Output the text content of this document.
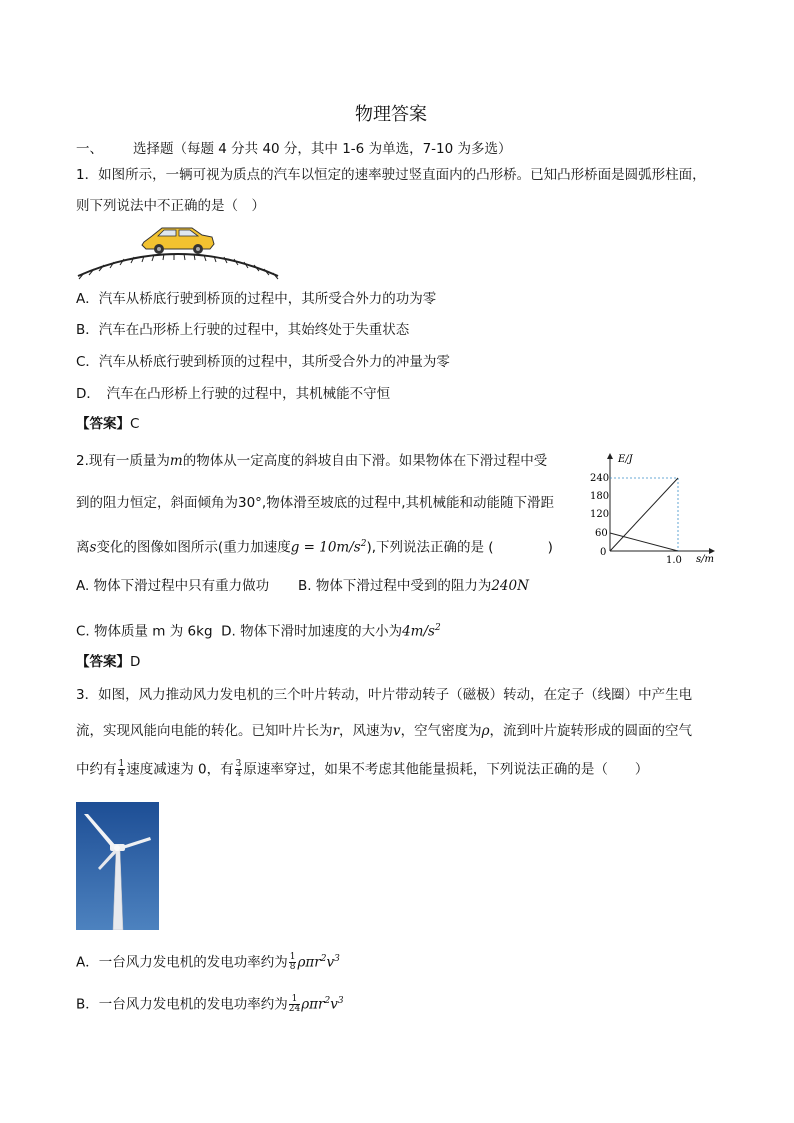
物理答案
一、 选择题（每题 4 分共 40 分，其中 1-6 为单选，7-10 为多选）
1．如图所示，一辆可视为质点的汽车以恒定的速率驶过竖直面内的凸形桥。已知凸形桥面是圆弧形柱面，
则下列说法中不正确的是（　）
A．汽车从桥底行驶到桥顶的过程中，其所受合外力的功为零
B．汽车在凸形桥上行驶的过程中，其始终处于失重状态
C．汽车从桥底行驶到桥顶的过程中，其所受合外力的冲量为零
D．　汽车在凸形桥上行驶的过程中，其机械能不守恒
【答案】C
2.现有一质量为m的物体从一定高度的斜坡自由下滑。如果物体在下滑过程中受
到的阻力恒定，斜面倾角为30°,物体滑至坡底的过程中,其机械能和动能随下滑距
离s变化的图像如图所示(重力加速度$g = 10m/s^2$),下列说法正确的是 (　　　　)
E/J
s/m
240
180
120
60
0
1.0
A. 物体下滑过程中只有重力做功 B. 物体下滑过程中受到的阻力为240N
C. 物体质量 m 为 6kg D. 物体下滑时加速度的大小为$4m/s^2$
【答案】D
3．如图，风力推动风力发电机的三个叶片转动，叶片带动转子（磁极）转动，在定子（线圈）中产生电
流，实现风能向电能的转化。已知叶片长为r，风速为v，空气密度为ρ，流到叶片旋转形成的圆面的空气
中约有 $\frac{1}{4}$ 速度减速为 0，有 $\frac{3}{4}$ 原速率穿过，如果不考虑其他能量损耗，下列说法正确的是（　　）
A．一台风力发电机的发电功率约为 $\frac{1}{8} \rho\pi r^2v^3$
B．一台风力发电机的发电功率约为 $\frac{1}{24} \rho\pi r^2v^3$
